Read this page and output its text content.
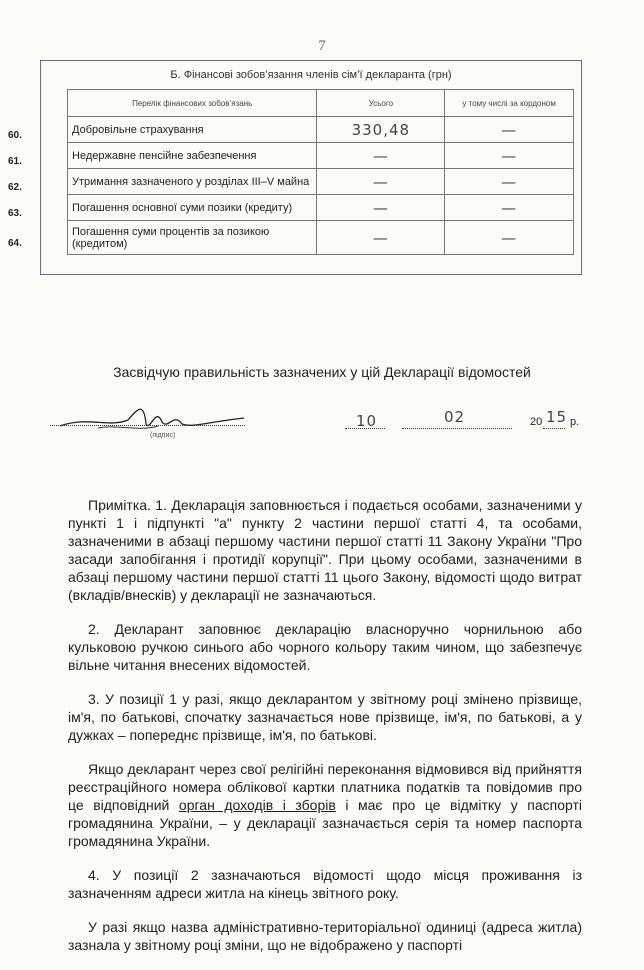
7
Б. Фінансові зобов’язання членів сім’ї декларанта (грн)
Перелік фінансових зобов’язань	Усього	у тому числі за кордоном
Добровільне страхування	330,48	—
Недержавне пенсійне забезпечення	—	—
Утримання зазначеного у розділах III–V майна	—	—
Погашення основної суми позики (кредиту)	—	—
Погашення суми процентів за позикою (кредитом)	—	—
60.
61.
62.
63.
64.
Засвідчую правильність зазначених у цій Декларації відомостей
(підпис)
10	02	20 15 р.

Примітка. 1. Декларація заповнюється і подається особами, зазначеними у пункті 1 і підпункті "а" пункту 2 частини першої статті 4, та особами, зазначеними в абзаці першому частини першої статті 11 Закону України "Про засади запобігання і протидії корупції". При цьому особами, зазначеними в абзаці першому частини першої статті 11 цього Закону, відомості щодо витрат (вкладів/внесків) у декларації не зазначаються.

2. Декларант заповнює декларацію власноручно чорнильною або кульковою ручкою синього або чорного кольору таким чином, що забезпечує вільне читання внесених відомостей.

3. У позиції 1 у разі, якщо декларантом у звітному році змінено прізвище, ім'я, по батькові, спочатку зазначається нове прізвище, ім'я, по батькові, а у дужках – попереднє прізвище, ім'я, по батькові.

Якщо декларант через свої релігійні переконання відмовився від прийняття реєстраційного номера облікової картки платника податків та повідомив про це відповідний орган доходів і зборів і має про це відмітку у паспорті громадянина України, – у декларації зазначається серія та номер паспорта громадянина України.

4. У позиції 2 зазначаються відомості щодо місця проживання із зазначенням адреси житла на кінець звітного року.

У разі якщо назва адміністративно-територіальної одиниці (адреса житла) зазнала у звітному році зміни, що не відображено у паспорті
